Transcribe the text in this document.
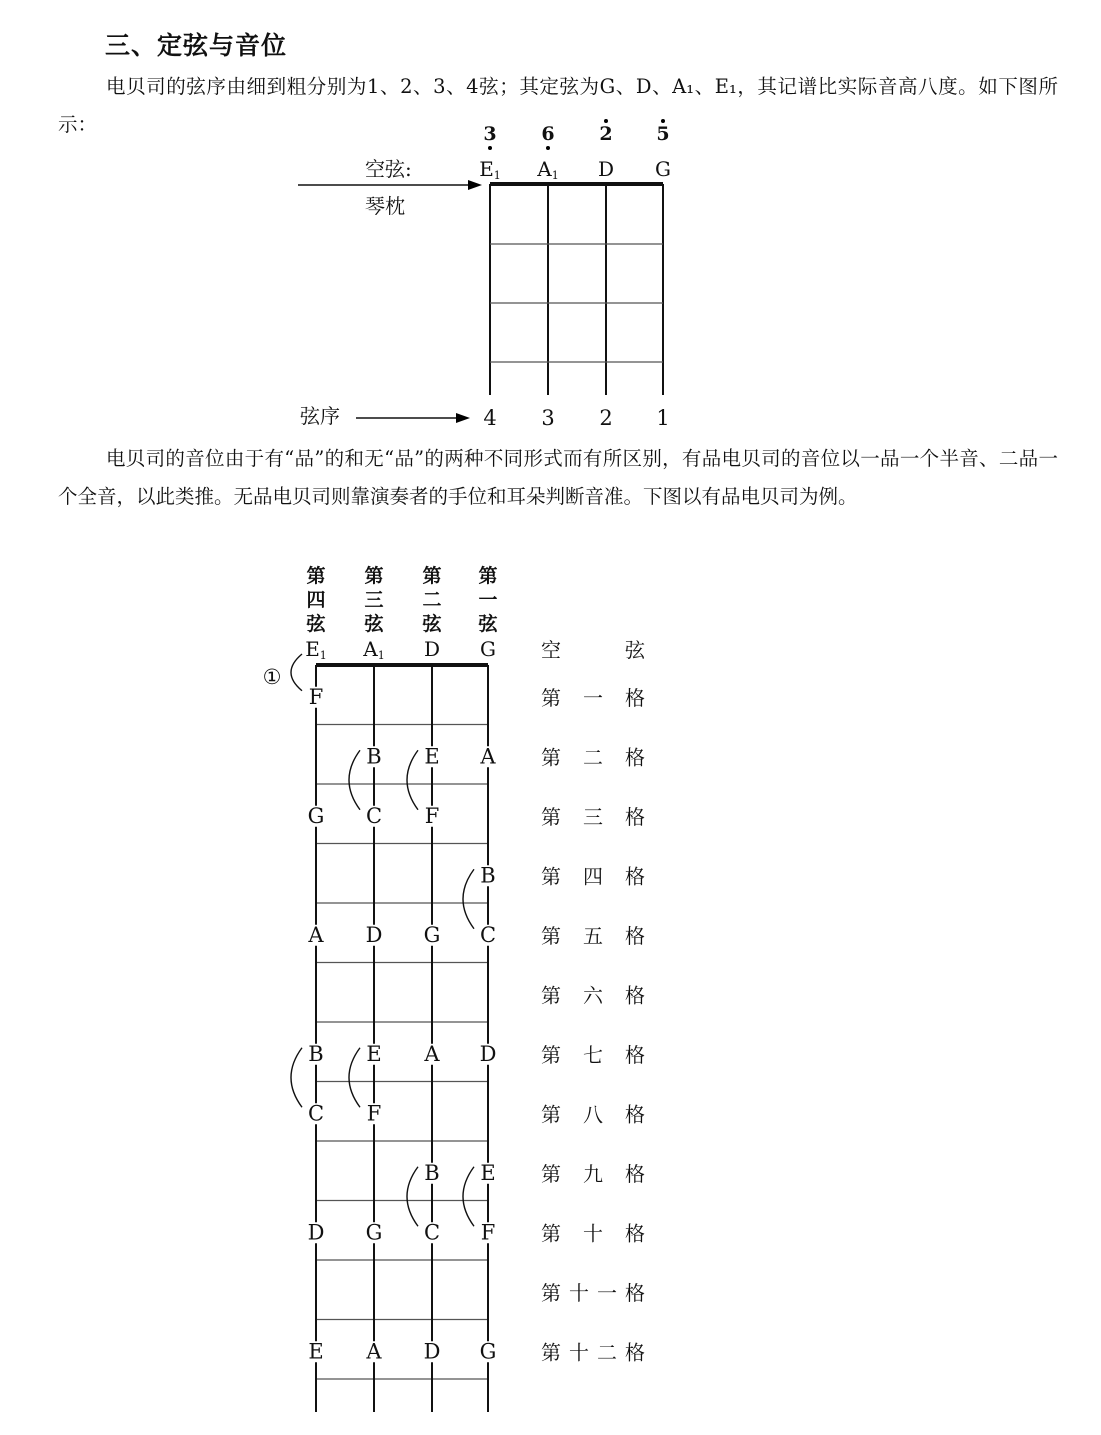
三、定弦与音位
电贝司的弦序由细到粗分别为1、2、3、4弦；其定弦为G、D、A₁、E₁，其记谱比实际音高八度。如下图所示：
电贝司的音位由于有“品”的和无“品”的两种不同形式而有所区别，有品电贝司的音位以一品一个半音、二品一个全音，以此类推。无品电贝司则靠演奏者的手位和耳朵判断音准。下图以有品电贝司为例。
3 6 2 5
E1 A1 D G
空弦:
琴枕
弦序	4 3 2 1
第
四
弦
E1
第
三
弦
A1
第
二
弦
D
第
一
弦
G
①
F
B E A
G C F
B
A D G C
B E A D
C F
B E
D G C F
E A D G
空	弦
第 一 格
第 二 格
第 三 格
第 四 格
第 五 格
第 六 格
第 七 格
第 八 格
第 九 格
第 十 格
第 十 一 格
第 十 二 格
